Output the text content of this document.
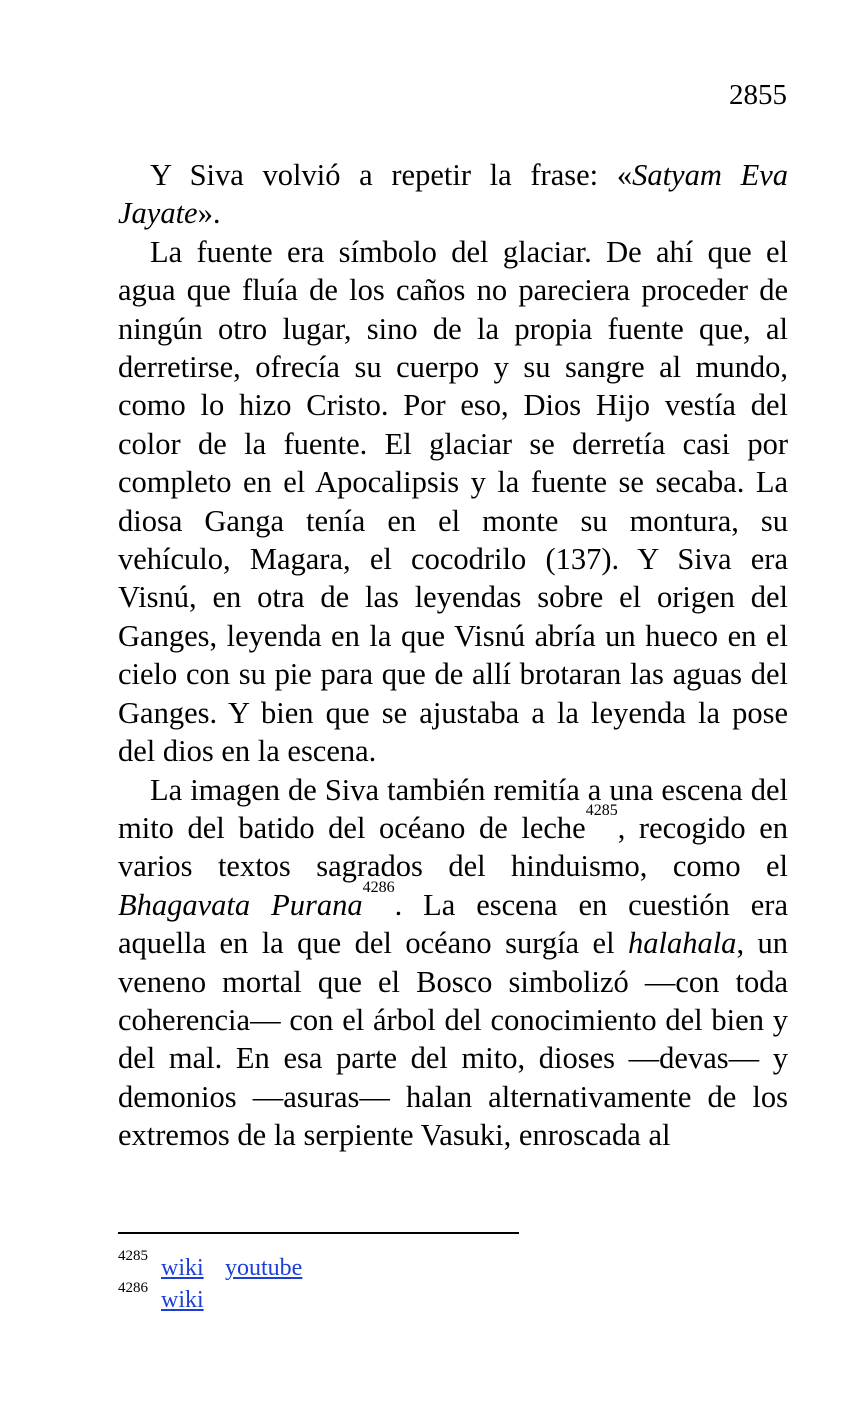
2855

Y Siva volvió a repetir la frase: «Satyam Eva Jayate».

La fuente era símbolo del glaciar. De ahí que el agua que fluía de los caños no pareciera proceder de ningún otro lugar, sino de la propia fuente que, al derretirse, ofrecía su cuerpo y su sangre al mundo, como lo hizo Cristo. Por eso, Dios Hijo vestía del color de la fuente. El glaciar se derretía casi por completo en el Apocalipsis y la fuente se secaba. La diosa Ganga tenía en el monte su montura, su vehículo, Magara, el cocodrilo (137). Y Siva era Visnú, en otra de las leyendas sobre el origen del Ganges, leyenda en la que Visnú abría un hueco en el cielo con su pie para que de allí brotaran las aguas del Ganges. Y bien que se ajustaba a la leyenda la pose del dios en la escena.

La imagen de Siva también remitía a una escena del mito del batido del océano de leche$^{4285}$, recogido en varios textos sagrados del hinduismo, como el Bhagavata Purana$^{4286}$. La escena en cuestión era aquella en la que del océano surgía el halahala, un veneno mortal que el Bosco simbolizó —con toda coherencia— con el árbol del conocimiento del bien y del mal. En esa parte del mito, dioses —devas— y demonios —asuras— halan alternativamente de los extremos de la serpiente Vasuki, enroscada al

4285 wiki youtube
4286 wiki
